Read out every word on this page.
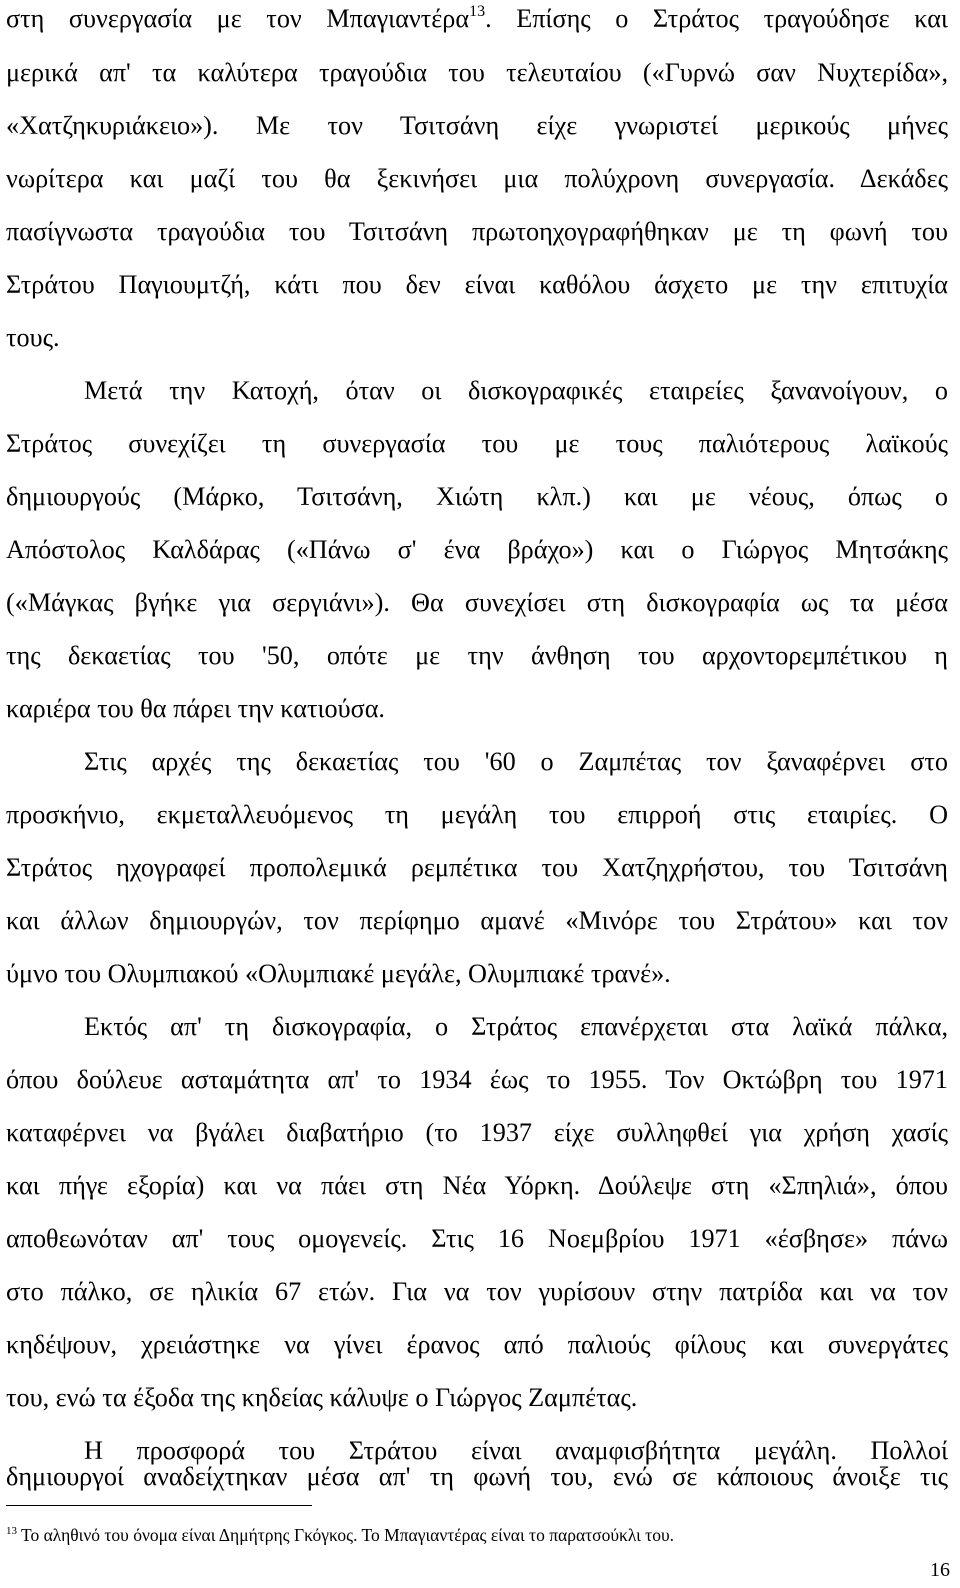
στη συνεργασία με τον Μπαγιαντέρα$^{13}$. Επίσης ο Στράτος τραγούδησε και
μερικά απ' τα καλύτερα τραγούδια του τελευταίου («Γυρνώ σαν Νυχτερίδα»,
«Χατζηκυριάκειο»). Με τον Τσιτσάνη είχε γνωριστεί μερικούς μήνες
νωρίτερα και μαζί του θα ξεκινήσει μια πολύχρονη συνεργασία. Δεκάδες
πασίγνωστα τραγούδια του Τσιτσάνη πρωτοηχογραφήθηκαν με τη φωνή του
Στράτου Παγιουμτζή, κάτι που δεν είναι καθόλου άσχετο με την επιτυχία
τους.
Μετά την Κατοχή, όταν οι δισκογραφικές εταιρείες ξανανοίγουν, ο
Στράτος συνεχίζει τη συνεργασία του με τους παλιότερους λαϊκούς
δημιουργούς (Μάρκο, Τσιτσάνη, Χιώτη κλπ.) και με νέους, όπως ο
Απόστολος Καλδάρας («Πάνω σ' ένα βράχο») και ο Γιώργος Μητσάκης
(«Μάγκας βγήκε για σεργιάνι»). Θα συνεχίσει στη δισκογραφία ως τα μέσα
της δεκαετίας του '50, οπότε με την άνθηση του αρχοντορεμπέτικου η
καριέρα του θα πάρει την κατιούσα.
Στις αρχές της δεκαετίας του '60 ο Ζαμπέτας τον ξαναφέρνει στο
προσκήνιο, εκμεταλλευόμενος τη μεγάλη του επιρροή στις εταιρίες. Ο
Στράτος ηχογραφεί προπολεμικά ρεμπέτικα του Χατζηχρήστου, του Τσιτσάνη
και άλλων δημιουργών, τον περίφημο αμανέ «Μινόρε του Στράτου» και τον
ύμνο του Ολυμπιακού «Ολυμπιακέ μεγάλε, Ολυμπιακέ τρανέ».
Εκτός απ' τη δισκογραφία, ο Στράτος επανέρχεται στα λαϊκά πάλκα,
όπου δούλευε ασταμάτητα απ' το 1934 έως το 1955. Τον Οκτώβρη του 1971
καταφέρνει να βγάλει διαβατήριο (το 1937 είχε συλληφθεί για χρήση χασίς
και πήγε εξορία) και να πάει στη Νέα Υόρκη. Δούλεψε στη «Σπηλιά», όπου
αποθεωνόταν απ' τους ομογενείς. Στις 16 Νοεμβρίου 1971 «έσβησε» πάνω
στο πάλκο, σε ηλικία 67 ετών. Για να τον γυρίσουν στην πατρίδα και να τον
κηδέψουν, χρειάστηκε να γίνει έρανος από παλιούς φίλους και συνεργάτες
του, ενώ τα έξοδα της κηδείας κάλυψε ο Γιώργος Ζαμπέτας.
Η προσφορά του Στράτου είναι αναμφισβήτητα μεγάλη. Πολλοί
δημιουργοί αναδείχτηκαν μέσα απ' τη φωνή του, ενώ σε κάποιους άνοιξε τις
$^{13}$ Το αληθινό του όνομα είναι Δημήτρης Γκόγκος. Το Μπαγιαντέρας είναι το παρατσούκλι του.
16
